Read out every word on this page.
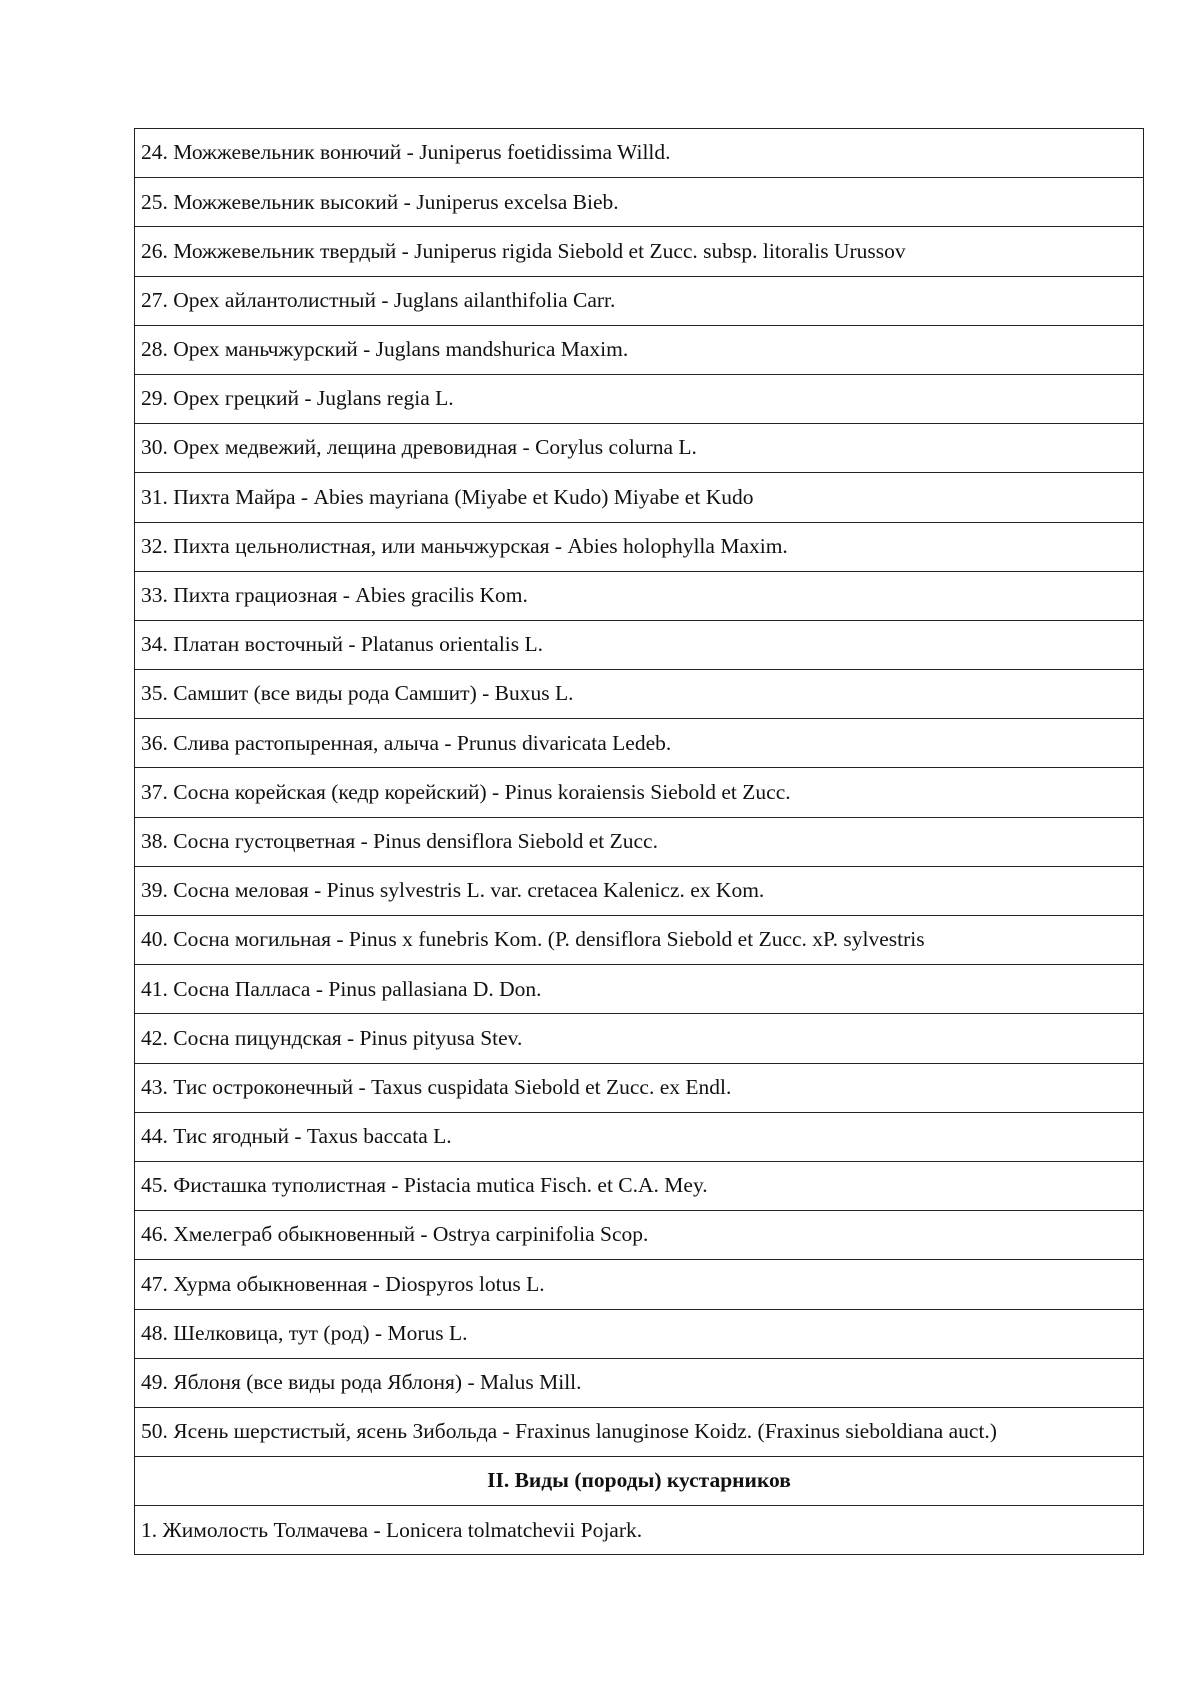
24. Можжевельник вонючий - Juniperus foetidissima Willd.
25. Можжевельник высокий - Juniperus excelsa Bieb.
26. Можжевельник твердый - Juniperus rigida Siebold et Zucc. subsp. litoralis Urussov
27. Орех айлантолистный - Juglans ailanthifolia Carr.
28. Орех маньчжурский - Juglans mandshurica Maxim.
29. Орех грецкий - Juglans regia L.
30. Орех медвежий, лещина древовидная - Corylus colurna L.
31. Пихта Майра - Abies mayriana (Miyabe et Kudo) Miyabe et Kudo
32. Пихта цельнолистная, или маньчжурская - Abies holophylla Maxim.
33. Пихта грациозная - Abies gracilis Kom.
34. Платан восточный - Platanus orientalis L.
35. Самшит (все виды рода Самшит) - Buxus L.
36. Слива растопыренная, алыча - Prunus divaricata Ledeb.
37. Сосна корейская (кедр корейский) - Pinus koraiensis Siebold et Zucc.
38. Сосна густоцветная - Pinus densiflora Siebold et Zucc.
39. Сосна меловая - Pinus sylvestris L. var. cretacea Kalenicz. ex Kom.
40. Сосна могильная - Pinus x funebris Kom. (P. densiflora Siebold et Zucc. xP. sylvestris
41. Сосна Палласа - Pinus pallasiana D. Don.
42. Сосна пицундская - Pinus pityusa Stev.
43. Тис остроконечный - Taxus cuspidata Siebold et Zucc. ex Endl.
44. Тис ягодный - Taxus baccata L.
45. Фисташка туполистная - Pistacia mutica Fisch. et C.A. Mey.
46. Хмелеграб обыкновенный - Ostrya carpinifolia Scop.
47. Хурма обыкновенная - Diospyros lotus L.
48. Шелковица, тут (род) - Morus L.
49. Яблоня (все виды рода Яблоня) - Malus Mill.
50. Ясень шерстистый, ясень Зибольда - Fraxinus lanuginose Koidz. (Fraxinus sieboldiana auct.)
II. Виды (породы) кустарников
1. Жимолость Толмачева - Lonicera tolmatchevii Pojark.
